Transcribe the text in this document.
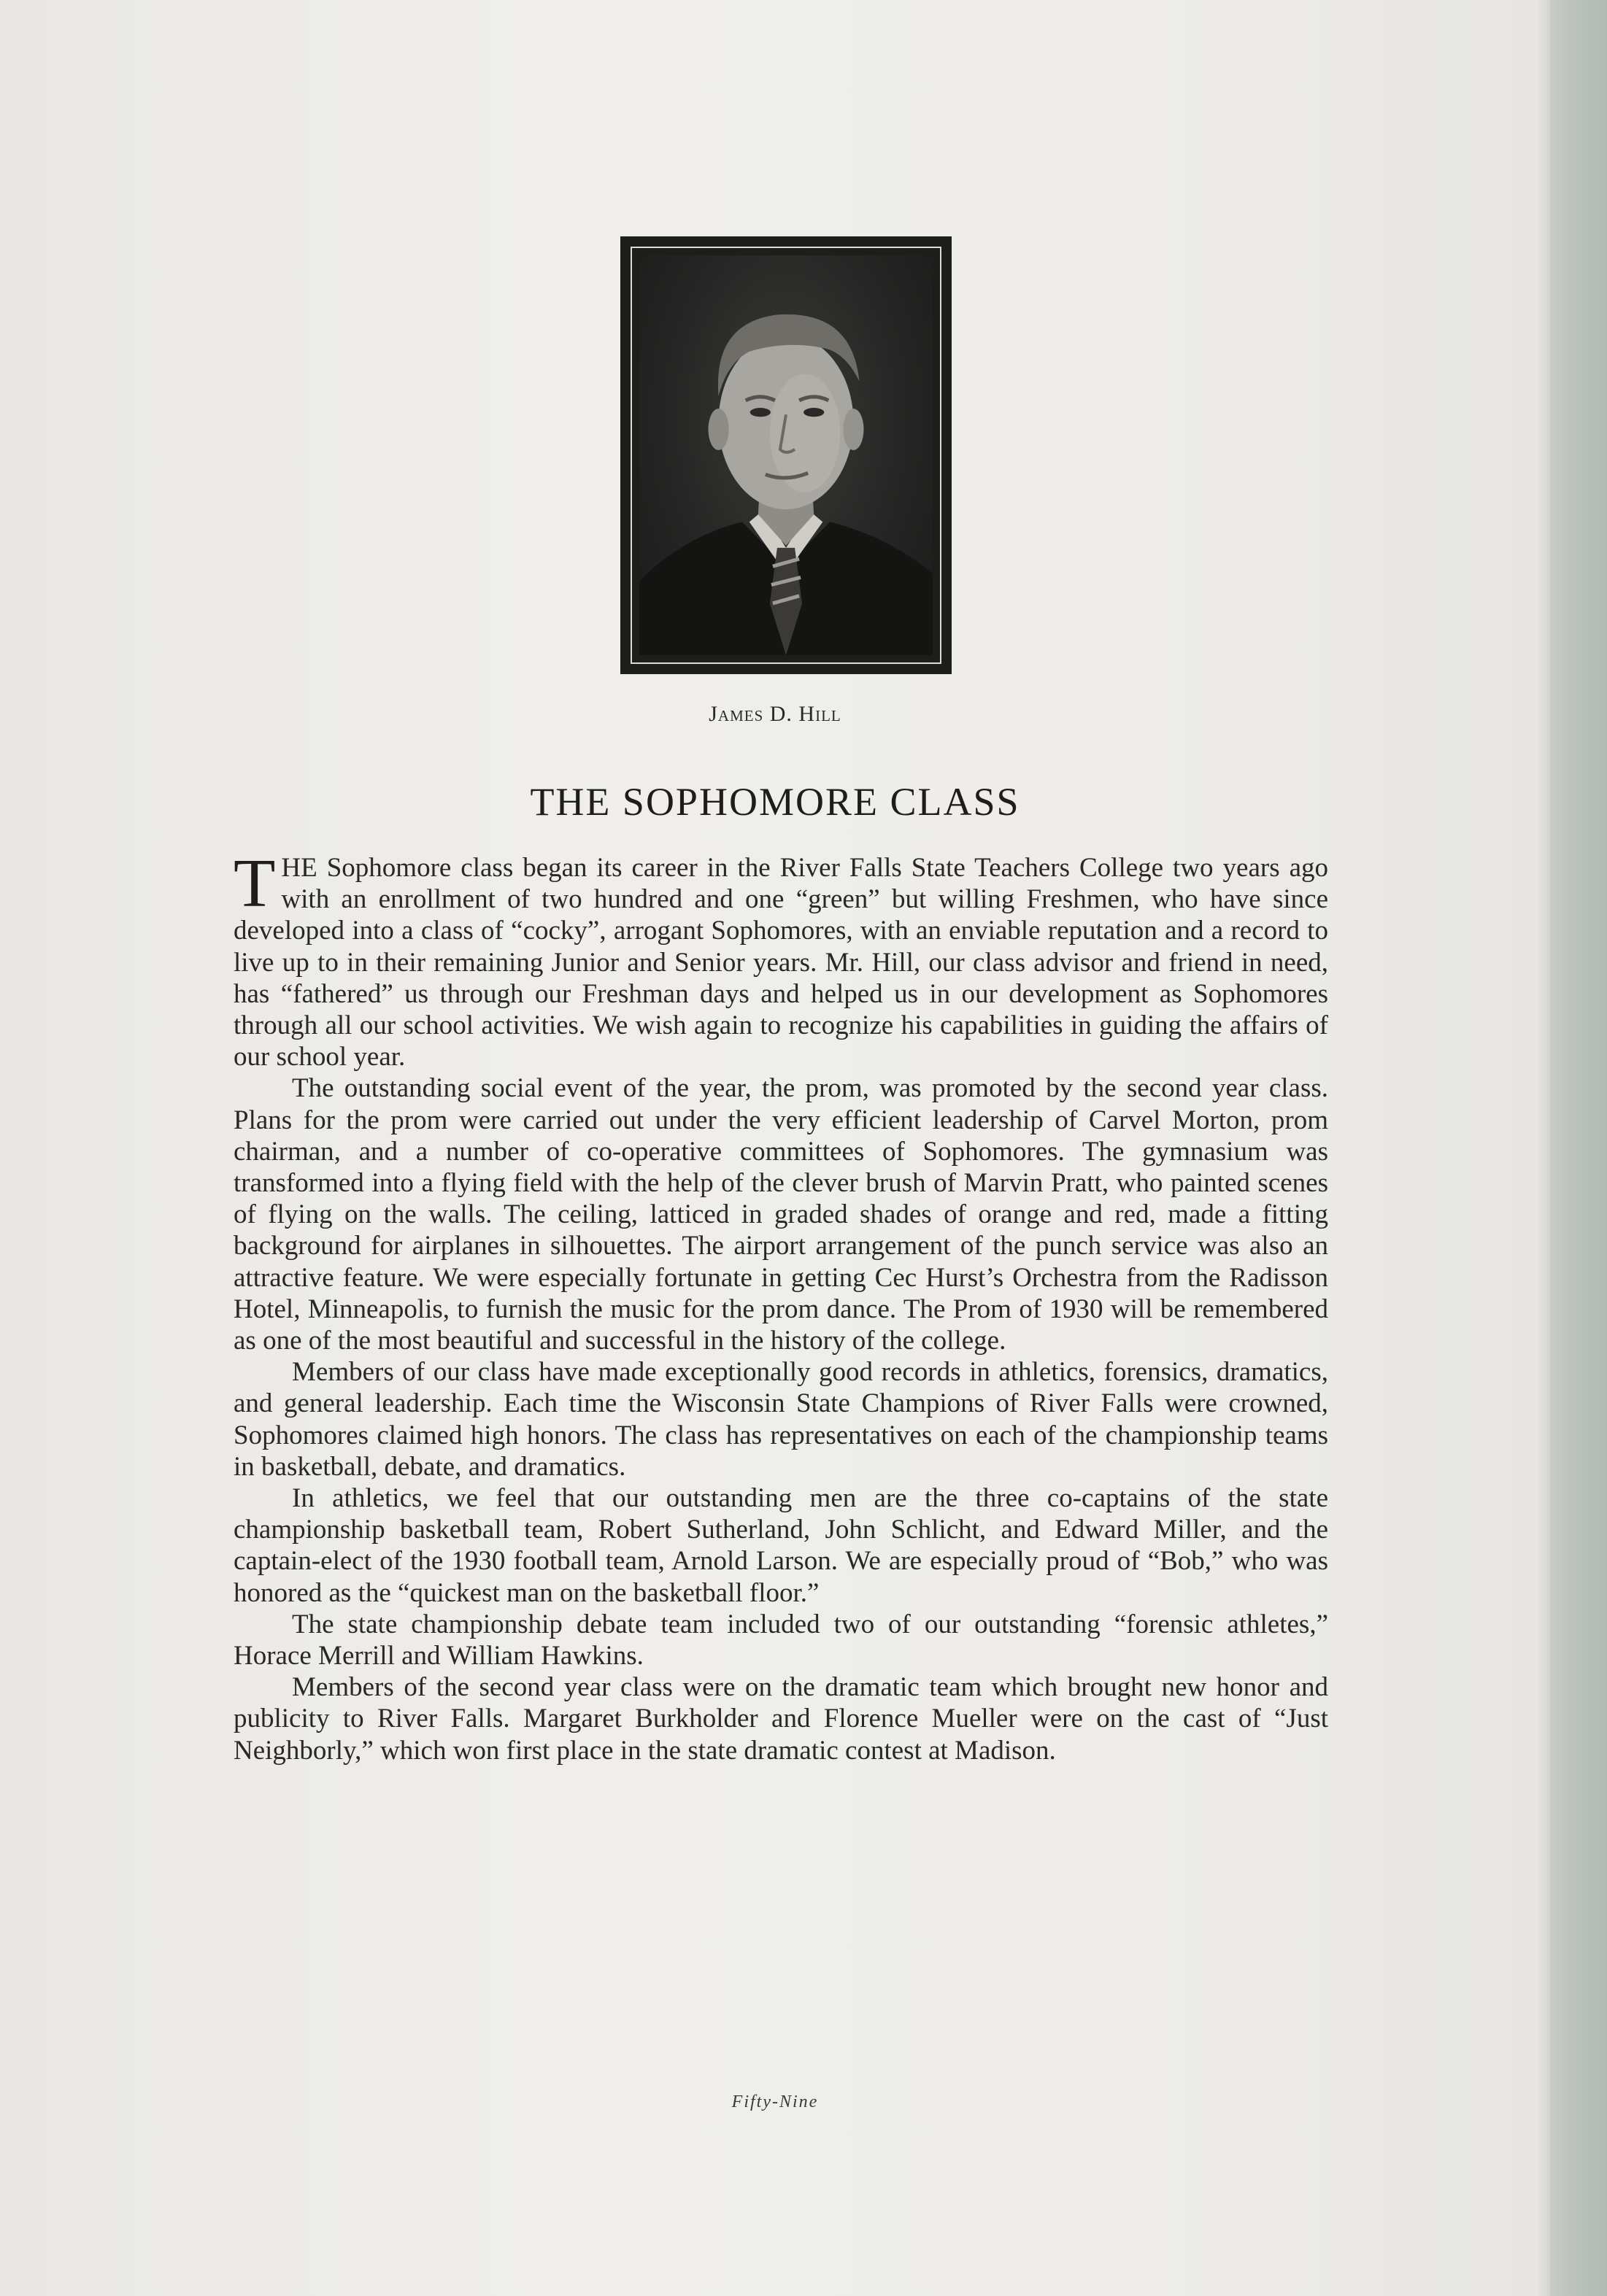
James D. Hill
THE SOPHOMORE CLASS

THE Sophomore class began its career in the River Falls State Teachers College two years ago with an enrollment of two hundred and one “green” but willing Freshmen, who have since developed into a class of “cocky”, arrogant Sophomores, with an enviable reputation and a record to live up to in their remaining Junior and Senior years. Mr. Hill, our class advisor and friend in need, has “fathered” us through our Freshman days and helped us in our development as Sophomores through all our school activities. We wish again to recognize his capabilities in guiding the affairs of our school year.

The outstanding social event of the year, the prom, was promoted by the second year class. Plans for the prom were carried out under the very efficient leadership of Carvel Morton, prom chairman, and a number of co-operative committees of Sophomores. The gymnasium was transformed into a flying field with the help of the clever brush of Marvin Pratt, who painted scenes of flying on the walls. The ceiling, latticed in graded shades of orange and red, made a fitting background for airplanes in silhouettes. The airport arrangement of the punch service was also an attractive feature. We were especially fortunate in getting Cec Hurst’s Orchestra from the Radisson Hotel, Minneapolis, to furnish the music for the prom dance. The Prom of 1930 will be remembered as one of the most beautiful and successful in the history of the college.

Members of our class have made exceptionally good records in athletics, forensics, dramatics, and general leadership. Each time the Wisconsin State Champions of River Falls were crowned, Sophomores claimed high honors. The class has representatives on each of the championship teams in basketball, debate, and dramatics.

In athletics, we feel that our outstanding men are the three co-captains of the state championship basketball team, Robert Sutherland, John Schlicht, and Edward Miller, and the captain-elect of the 1930 football team, Arnold Larson. We are especially proud of “Bob,” who was honored as the “quickest man on the basketball floor.”

The state championship debate team included two of our outstanding “forensic athletes,” Horace Merrill and William Hawkins.

Members of the second year class were on the dramatic team which brought new honor and publicity to River Falls. Margaret Burkholder and Florence Mueller were on the cast of “Just Neighborly,” which won first place in the state dramatic contest at Madison.

Fifty-Nine
